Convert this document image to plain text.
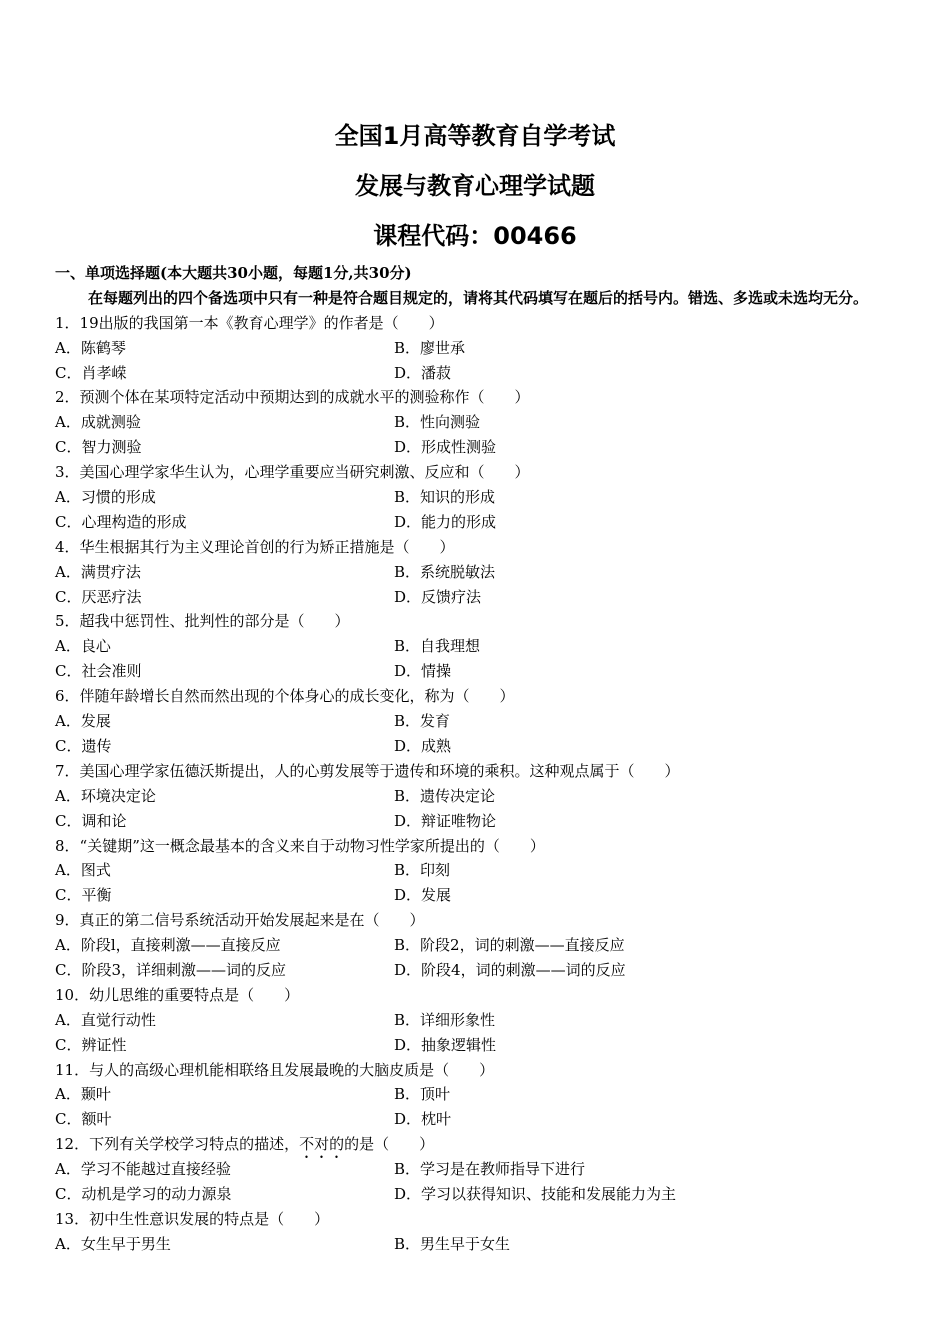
全国1月高等教育自学考试
发展与教育心理学试题
课程代码：00466
一、单项选择题(本大题共30小题，每题1分,共30分)
在每题列出的四个备选项中只有一种是符合题目规定的，请将其代码填写在题后的括号内。错选、多选或未选均无分。
1．19出版的我国第一本《教育心理学》的作者是（　　）
A．陈鹤琴	B．廖世承
C．肖孝嵘	D．潘菽
2．预测个体在某项特定活动中预期达到的成就水平的测验称作（　　）
A．成就测验	B．性向测验
C．智力测验	D．形成性测验
3．美国心理学家华生认为，心理学重要应当研究刺激、反应和（　　）
A．习惯的形成	B．知识的形成
C．心理构造的形成	D．能力的形成
4．华生根据其行为主义理论首创的行为矫正措施是（　　）
A．满贯疗法	B．系统脱敏法
C．厌恶疗法	D．反馈疗法
5．超我中惩罚性、批判性的部分是（　　）
A．良心	B．自我理想
C．社会准则	D．情操
6．伴随年龄增长自然而然出现的个体身心的成长变化，称为（　　）
A．发展	B．发育
C．遗传	D．成熟
7．美国心理学家伍德沃斯提出，人的心剪发展等于遗传和环境的乘积。这种观点属于（　　）
A．环境决定论	B．遗传决定论
C．调和论	D．辩证唯物论
8．“关键期”这一概念最基本的含义来自于动物习性学家所提出的（　　）
A．图式	B．印刻
C．平衡	D．发展
9．真正的第二信号系统活动开始发展起来是在（　　）
A．阶段l，直接刺激——直接反应	B．阶段2，词的刺激——直接反应
C．阶段3，详细刺激——词的反应	D．阶段4，词的刺激——词的反应
10．幼儿思维的重要特点是（　　）
A．直觉行动性	B．详细形象性
C．辨证性	D．抽象逻辑性
11．与人的高级心理机能相联络且发展最晚的大脑皮质是（　　）
A．颞叶	B．顶叶
C．额叶	D．枕叶
12．下列有关学校学习特点的描述，不对的的是（　　）
A．学习不能越过直接经验	B．学习是在教师指导下进行
C．动机是学习的动力源泉	D．学习以获得知识、技能和发展能力为主
13．初中生性意识发展的特点是（　　）
A．女生早于男生	B．男生早于女生
